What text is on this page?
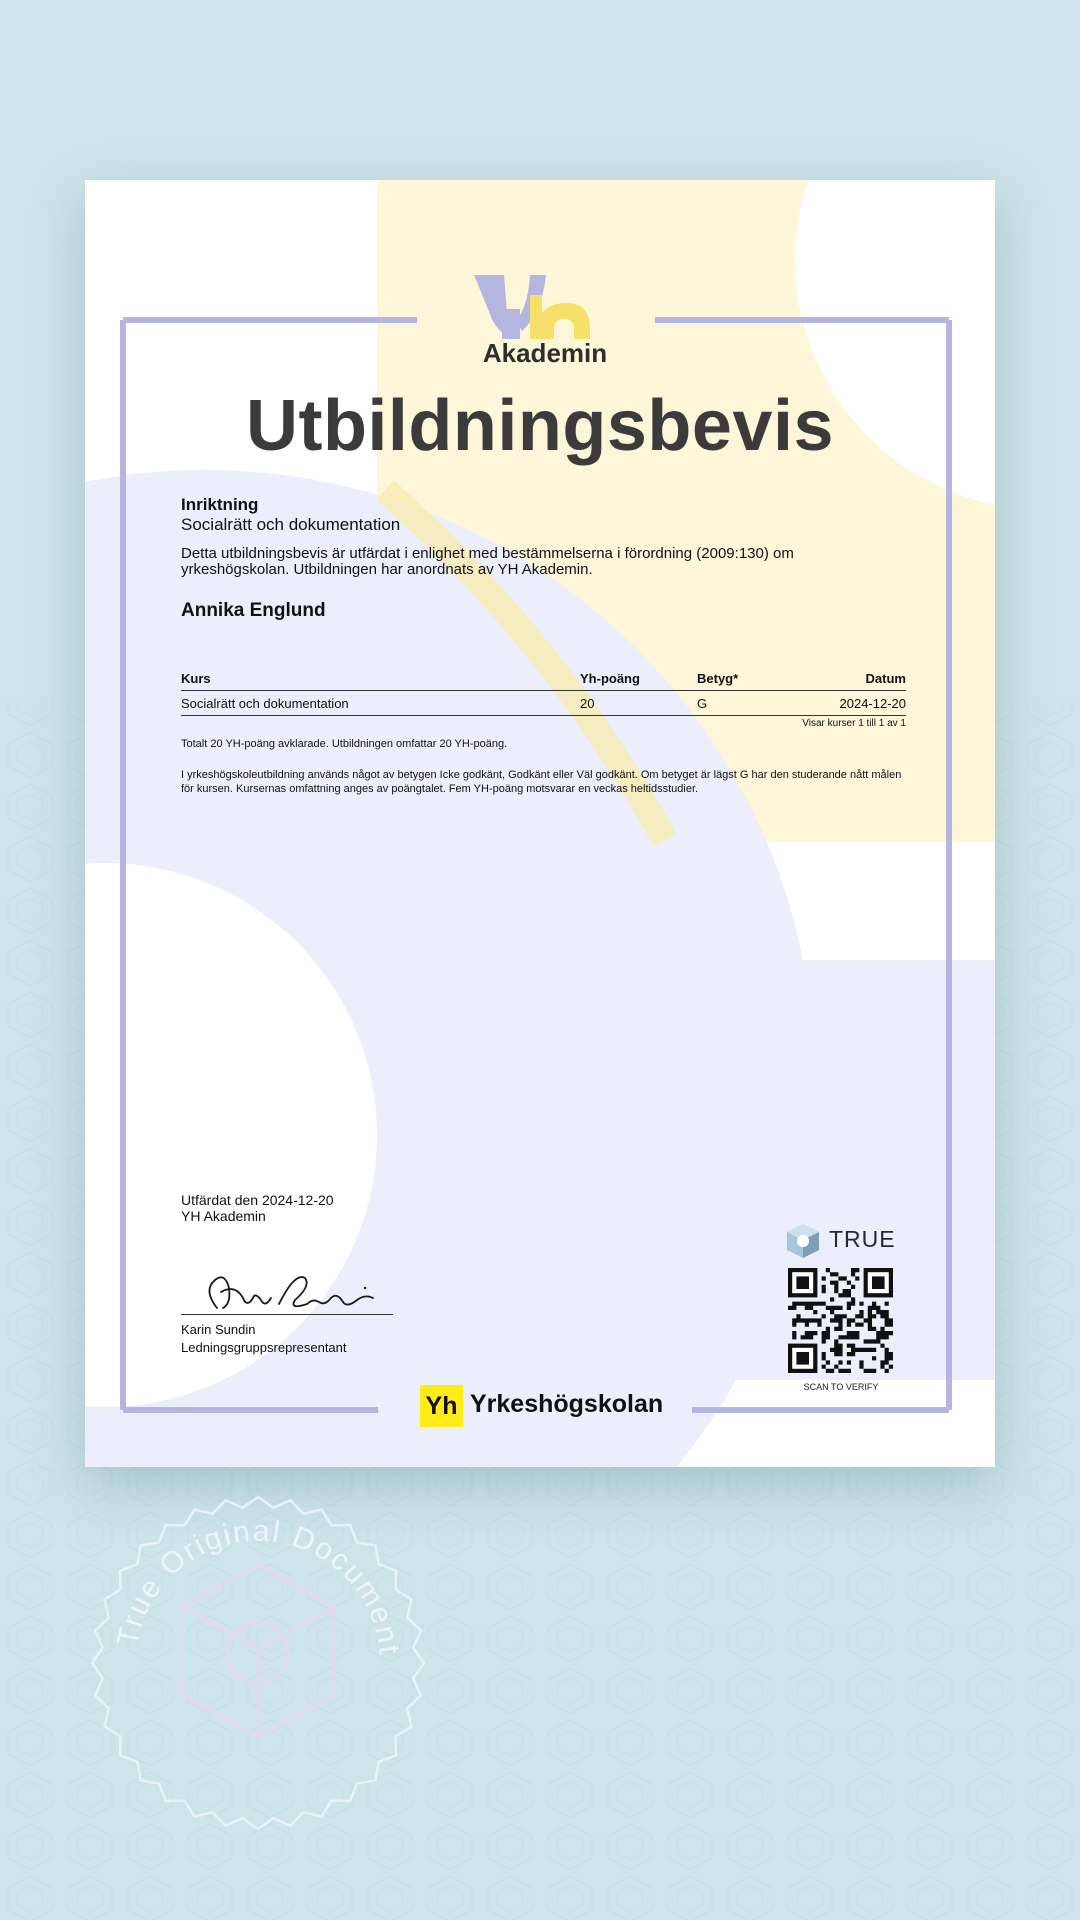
Akademin
Utbildningsbevis

Inriktning

Socialrätt och dokumentation

Detta utbildningsbevis är utfärdat i enlighet med bestämmelserna i förordning (2009:130) om yrkeshögskolan. Utbildningen har anordnats av YH Akademin.

Annika Englund

Kurs	Yh-poäng	Betyg*	Datum
Socialrätt och dokumentation	20	G	2024-12-20

Visar kurser 1 till 1 av 1

Totalt 20 YH-poäng avklarade. Utbildningen omfattar 20 YH-poäng.

I yrkeshögskoleutbildning används något av betygen Icke godkänt, Godkänt eller Väl godkänt. Om betyget är lägst G har den studerande nått målen för kursen. Kursernas omfattning anges av poängtalet. Fem YH-poäng motsvarar en veckas heltidsstudier.

Utfärdat den 2024-12-20
YH Akademin

Karin Sundin
Ledningsgruppsrepresentant

TRUE

SCAN TO VERIFY

Yh Yrkeshögskolan

True Original Document
